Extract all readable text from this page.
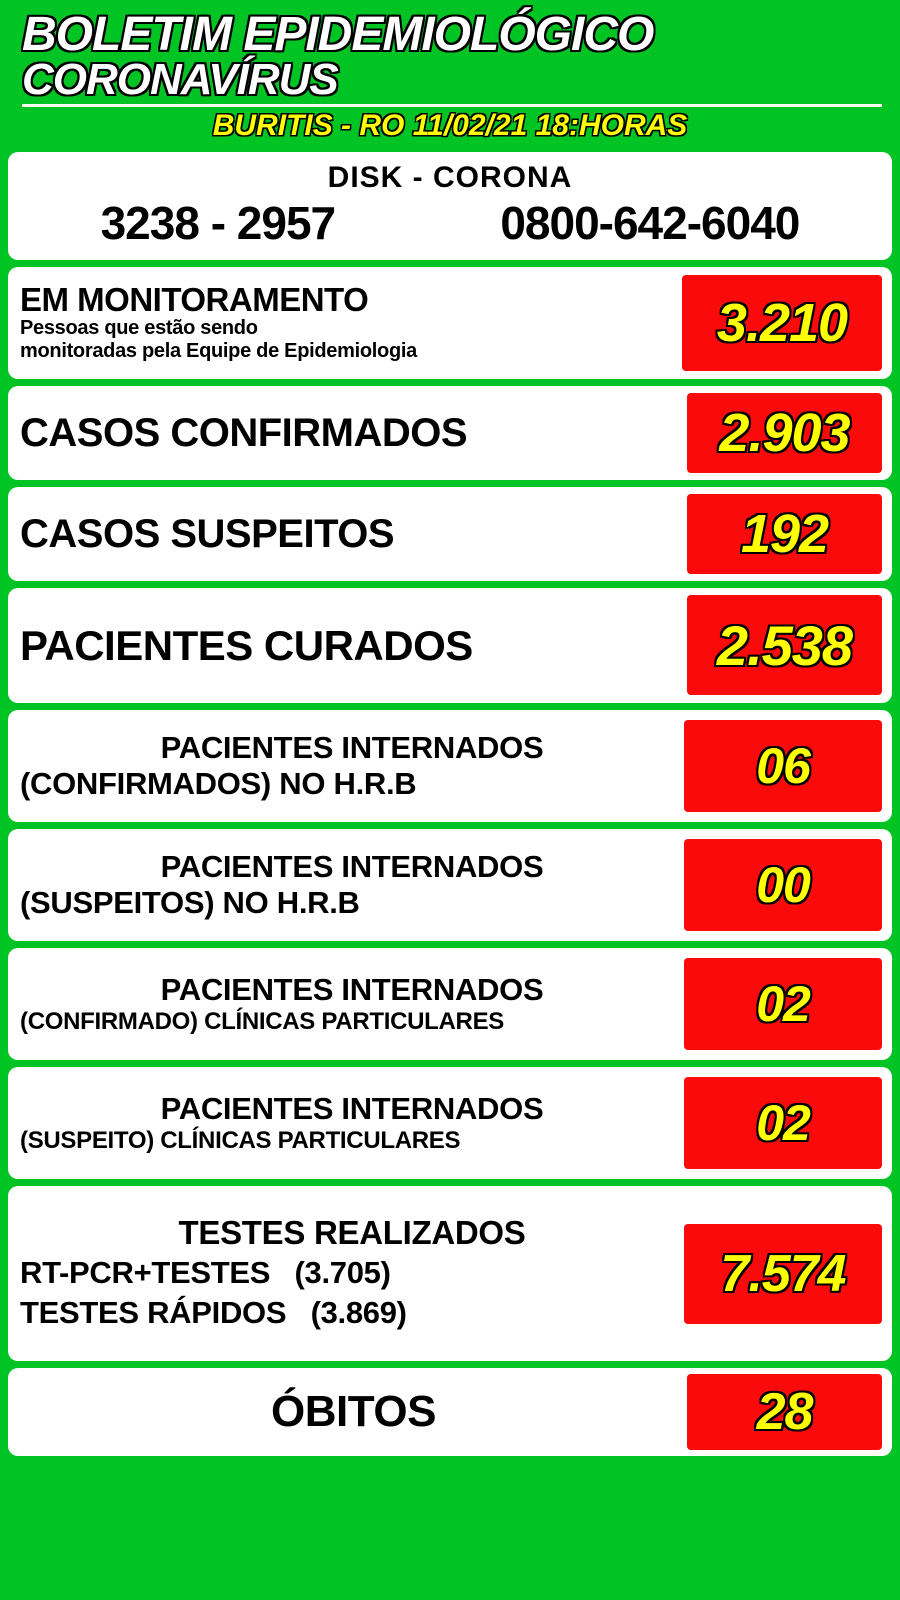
BOLETIM EPIDEMIOLÓGICO
CORONAVÍRUS
BURITIS - RO 11/02/21 18:HORAS
DISK - CORONA
3238 - 2957	0800-642-6040
EM MONITORAMENTO
Pessoas que estão sendo
monitoradas pela Equipe de Epidemiologia	3.210
CASOS CONFIRMADOS	2.903
CASOS SUSPEITOS	192
PACIENTES CURADOS	2.538
PACIENTES INTERNADOS
(CONFIRMADOS) NO H.R.B	06
PACIENTES INTERNADOS
(SUSPEITOS) NO H.R.B	00
PACIENTES INTERNADOS
(CONFIRMADO) CLÍNICAS PARTICULARES	02
PACIENTES INTERNADOS
(SUSPEITO) CLÍNICAS PARTICULARES	02
TESTES REALIZADOS
RT-PCR+TESTES (3.705)
TESTES RÁPIDOS (3.869)
7.574
ÓBITOS	28
